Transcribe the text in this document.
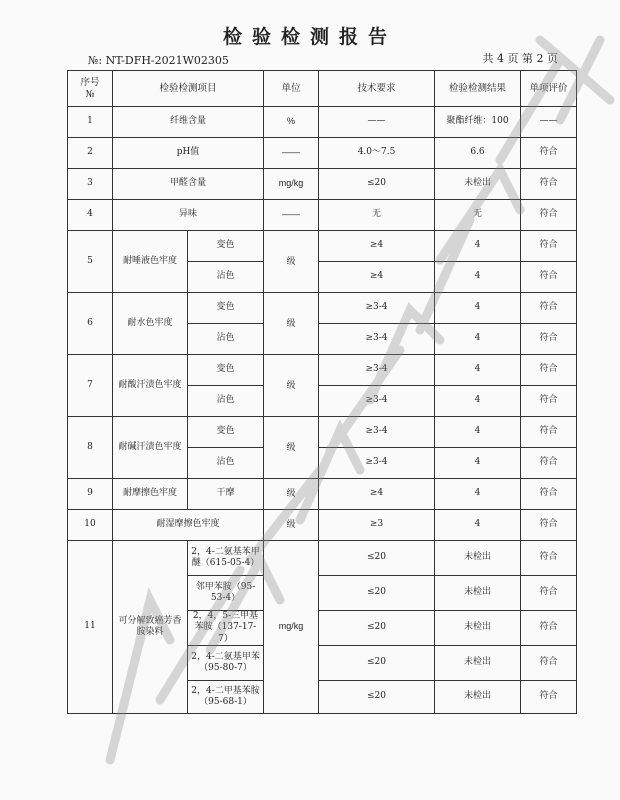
检验检测报告
№: NT-DFH-2021W02305	共 4 页 第 2 页
序号
№	检验检测项目		单位	技术要求	检验检测结果	单项评价
1	纤维含量		%	——	聚酯纤维：100	——
2	pH值		——	4.0～7.5	6.6	符合
3	甲醛含量		mg/kg	≤20	未检出	符合
4	异味		——	无	无	符合
5	耐唾液色牢度	变色	级	≥4	4	符合
		沾色		≥4	4	符合
6	耐水色牢度	变色	级	≥3-4	4	符合
		沾色		≥3-4	4	符合
7	耐酸汗渍色牢度	变色	级	≥3-4	4	符合
		沾色		≥3-4	4	符合
8	耐碱汗渍色牢度	变色	级	≥3-4	4	符合
		沾色		≥3-4	4	符合
9	耐摩擦色牢度	干摩	级	≥4	4	符合
10	耐湿摩擦色牢度		级	≥3	4	符合
11	可分解致癌芳香胺染料	2，4-二氨基苯甲醚（615-05-4）	mg/kg	≤20	未检出	符合
		邻甲苯胺（95-53-4）		≤20	未检出	符合
		2，4，5-三甲基苯胺（137-17-7）		≤20	未检出	符合
		2，4-二氨基甲苯（95-80-7）		≤20	未检出	符合
		2，4-二甲基苯胺（95-68-1）		≤20	未检出	符合
